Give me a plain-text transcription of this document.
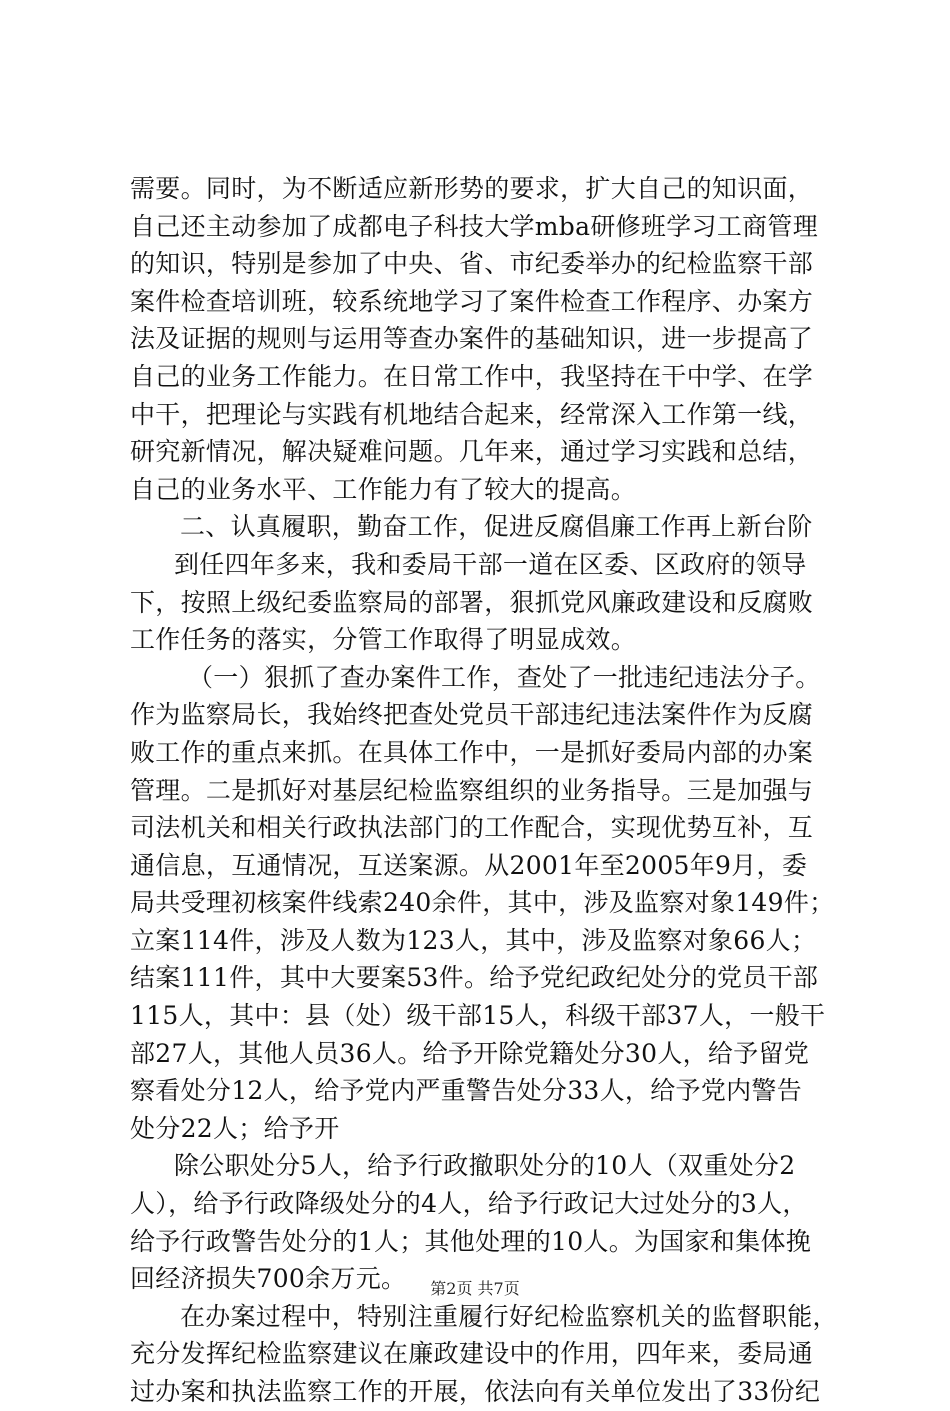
需要。同时，为不断适应新形势的要求，扩大自己的知识面，
自己还主动参加了成都电子科技大学mba研修班学习工商管理
的知识，特别是参加了中央、省、市纪委举办的纪检监察干部
案件检查培训班，较系统地学习了案件检查工作程序、办案方
法及证据的规则与运用等查办案件的基础知识，进一步提高了
自己的业务工作能力。在日常工作中，我坚持在干中学、在学
中干，把理论与实践有机地结合起来，经常深入工作第一线，
研究新情况，解决疑难问题。几年来，通过学习实践和总结，
自己的业务水平、工作能力有了较大的提高。
二、认真履职，勤奋工作，促进反腐倡廉工作再上新台阶
到任四年多来，我和委局干部一道在区委、区政府的领导
下，按照上级纪委监察局的部署，狠抓党风廉政建设和反腐败
工作任务的落实，分管工作取得了明显成效。
（一）狠抓了查办案件工作，查处了一批违纪违法分子。
作为监察局长，我始终把查处党员干部违纪违法案件作为反腐
败工作的重点来抓。在具体工作中，一是抓好委局内部的办案
管理。二是抓好对基层纪检监察组织的业务指导。三是加强与
司法机关和相关行政执法部门的工作配合，实现优势互补，互
通信息，互通情况，互送案源。从2001年至2005年9月，委
局共受理初核案件线索240余件，其中，涉及监察对象149件；
立案114件，涉及人数为123人，其中，涉及监察对象66人；
结案111件，其中大要案53件。给予党纪政纪处分的党员干部
115人，其中：县（处）级干部15人，科级干部37人，一般干
部27人，其他人员36人。给予开除党籍处分30人，给予留党
察看处分12人，给予党内严重警告处分33人，给予党内警告
处分22人；给予开
除公职处分5人，给予行政撤职处分的10人（双重处分2
人），给予行政降级处分的4人，给予行政记大过处分的3人，
给予行政警告处分的1人；其他处理的10人。为国家和集体挽
回经济损失700余万元。
在办案过程中，特别注重履行好纪检监察机关的监督职能，
充分发挥纪检监察建议在廉政建设中的作用，四年来，委局通
过办案和执法监察工作的开展，依法向有关单位发出了33份纪
第2页 共7页
